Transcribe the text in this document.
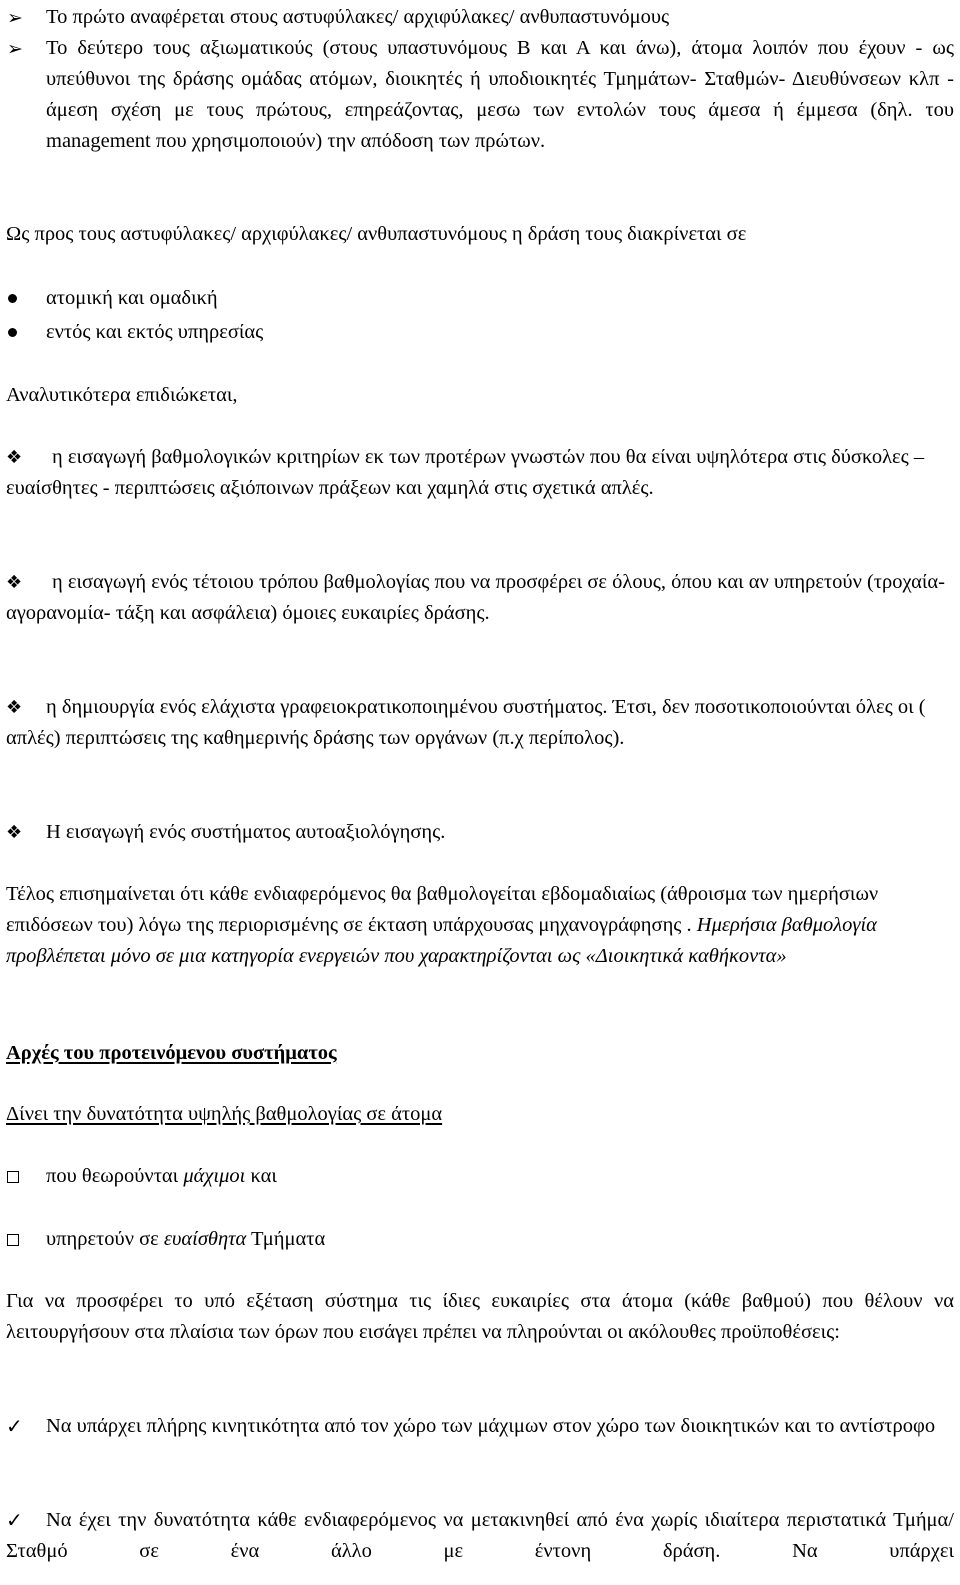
➢ Το πρώτο αναφέρεται στους αστυφύλακες/ αρχιφύλακες/ ανθυπαστυνόμους

➢ Το δεύτερο τους αξιωματικούς (στους υπαστυνόμους Β και Α και άνω), άτομα λοιπόν που έχουν - ως υπεύθυνοι της δράσης ομάδας ατόμων, διοικητές ή υποδιοικητές Τμημάτων- Σταθμών- Διευθύνσεων κλπ - άμεση σχέση με τους πρώτους, επηρεάζοντας, μεσω των εντολών τους άμεσα ή έμμεσα (δηλ. του management που χρησιμοποιούν) την απόδοση των πρώτων.

Ως προς τους αστυφύλακες/ αρχιφύλακες/ ανθυπαστυνόμους η δράση τους διακρίνεται σε

ατομική και ομαδική

εντός και εκτός υπηρεσίας

Αναλυτικότερα επιδιώκεται,

❖	η εισαγωγή βαθμολογικών κριτηρίων εκ των προτέρων γνωστών που θα είναι υψηλότερα στις δύσκολες – ευαίσθητες - περιπτώσεις αξιόποινων πράξεων και χαμηλά στις σχετικά απλές.

❖	η εισαγωγή ενός τέτοιου τρόπου βαθμολογίας που να προσφέρει σε όλους, όπου και αν υπηρετούν (τροχαία- αγορανομία- τάξη και ασφάλεια) όμοιες ευκαιρίες δράσης.

❖	η δημιουργία ενός ελάχιστα γραφειοκρατικοποιημένου συστήματος. Έτσι, δεν ποσοτικοποιούνται όλες οι ( απλές) περιπτώσεις της καθημερινής δράσης των οργάνων (π.χ περίπολος).

❖ Η εισαγωγή ενός συστήματος αυτοαξιολόγησης.

Τέλος επισημαίνεται ότι κάθε ενδιαφερόμενος θα βαθμολογείται εβδομαδιαίως (άθροισμα των ημερήσιων επιδόσεων του) λόγω της περιορισμένης σε έκταση υπάρχουσας μηχανογράφησης . Ημερήσια βαθμολογία προβλέπεται μόνο σε μια κατηγορία ενεργειών που χαρακτηρίζονται ως «Διοικητικά καθήκοντα»

Αρχές του προτεινόμενου συστήματος

Δίνει την δυνατότητα υψηλής βαθμολογίας σε άτομα

που θεωρούνται μάχιμοι και

υπηρετούν σε ευαίσθητα Τμήματα

Για να προσφέρει το υπό εξέταση σύστημα τις ίδιες ευκαιρίες στα άτομα (κάθε βαθμού) που θέλουν να λειτουργήσουν στα πλαίσια των όρων που εισάγει πρέπει να πληρούνται οι ακόλουθες προϋποθέσεις:

✓	Να υπάρχει πλήρης κινητικότητα από τον χώρο των μάχιμων στον χώρο των διοικητικών και το αντίστροφο

✓	Να έχει την δυνατότητα κάθε ενδιαφερόμενος να μετακινηθεί από ένα χωρίς ιδιαίτερα περιστατικά Τμήμα/Σταθμό σε ένα άλλο με έντονη δράση. Να υπάρχει
